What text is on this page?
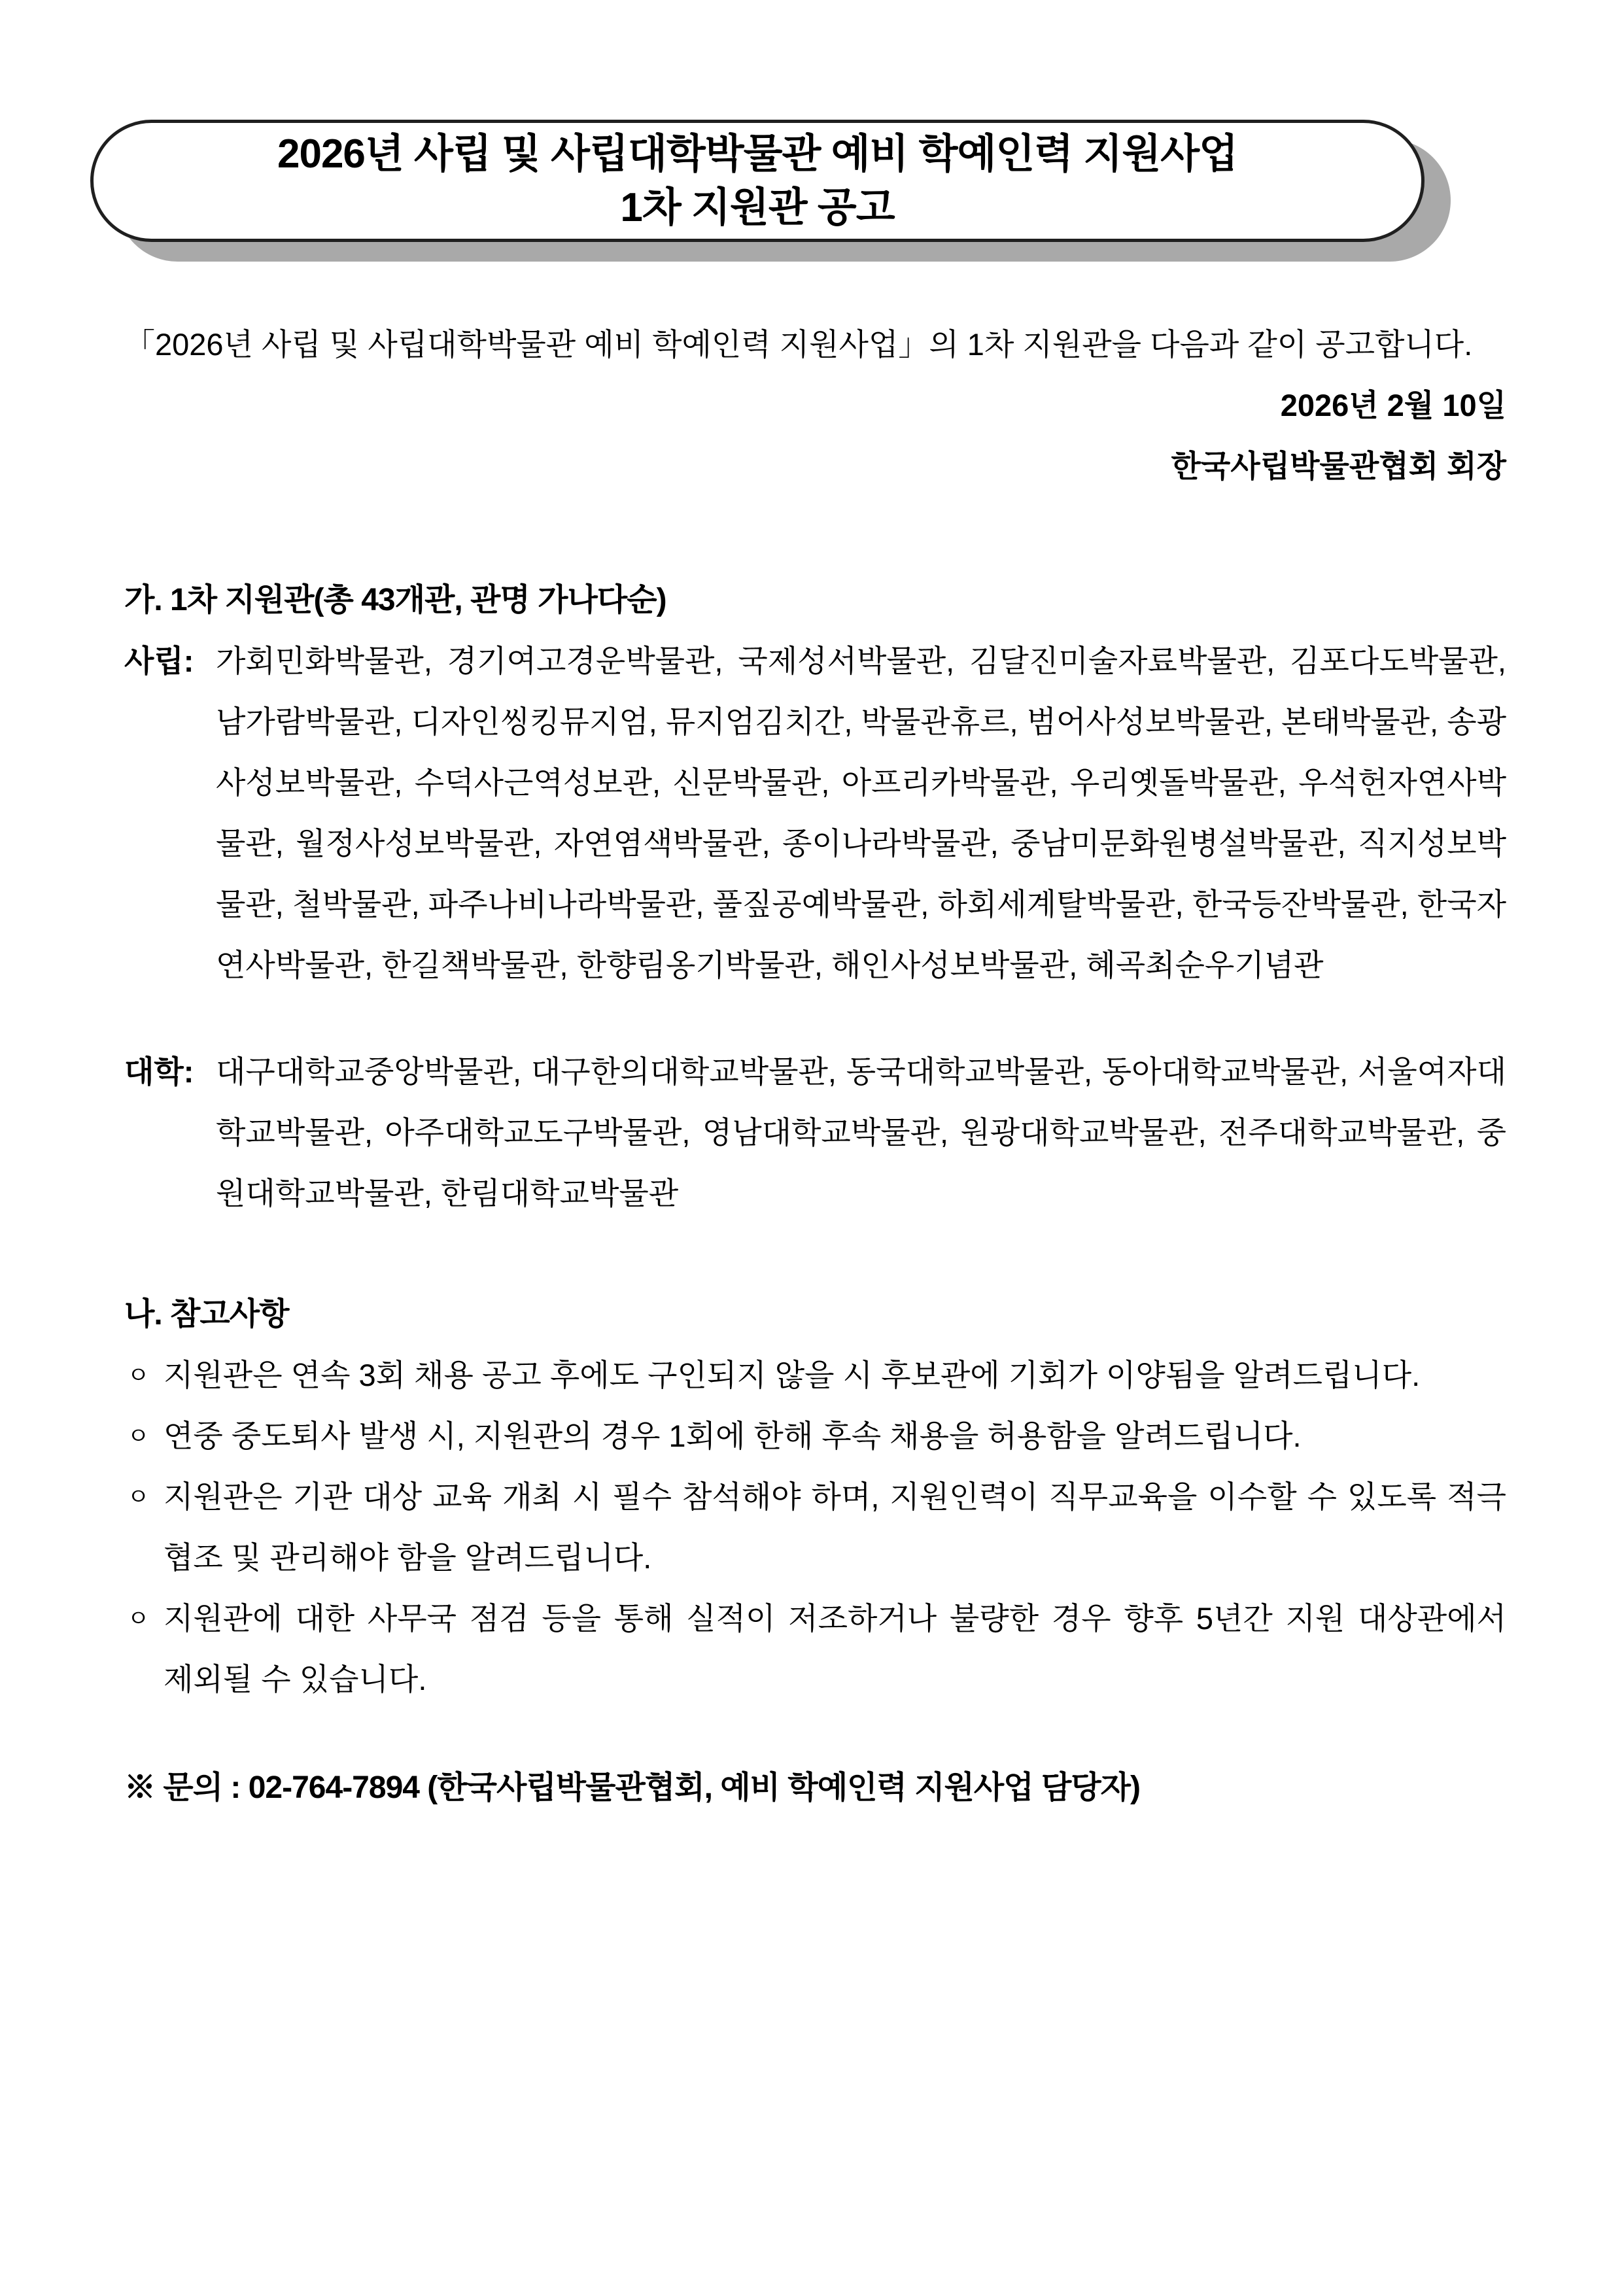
2026년 사립 및 사립대학박물관 예비 학예인력 지원사업
1차 지원관 공고

「2026년 사립 및 사립대학박물관 예비 학예인력 지원사업」의 1차 지원관을 다음과 같이 공고합니다.

2026년 2월 10일
한국사립박물관협회 회장
가. 1차 지원관(총 43개관, 관명 가나다순)
사립: 가회민화박물관, 경기여고경운박물관, 국제성서박물관, 김달진미술자료박물관, 김포다도박물관, 남가람박물관, 디자인씽킹뮤지엄, 뮤지엄김치간, 박물관휴르, 범어사성보박물관, 본태박물관, 송광사성보박물관, 수덕사근역성보관, 신문박물관, 아프리카박물관, 우리옛돌박물관, 우석헌자연사박물관, 월정사성보박물관, 자연염색박물관, 종이나라박물관, 중남미문화원병설박물관, 직지성보박물관, 철박물관, 파주나비나라박물관, 풀짚공예박물관, 하회세계탈박물관, 한국등잔박물관, 한국자연사박물관, 한길책박물관, 한향림옹기박물관, 해인사성보박물관, 혜곡최순우기념관
대학: 대구대학교중앙박물관, 대구한의대학교박물관, 동국대학교박물관, 동아대학교박물관, 서울여자대학교박물관, 아주대학교도구박물관, 영남대학교박물관, 원광대학교박물관, 전주대학교박물관, 중원대학교박물관, 한림대학교박물관
나. 참고사항
ㅇ 지원관은 연속 3회 채용 공고 후에도 구인되지 않을 시 후보관에 기회가 이양됨을 알려드립니다.
ㅇ 연중 중도퇴사 발생 시, 지원관의 경우 1회에 한해 후속 채용을 허용함을 알려드립니다.
ㅇ 지원관은 기관 대상 교육 개최 시 필수 참석해야 하며, 지원인력이 직무교육을 이수할 수 있도록 적극 협조 및 관리해야 함을 알려드립니다.
ㅇ 지원관에 대한 사무국 점검 등을 통해 실적이 저조하거나 불량한 경우 향후 5년간 지원 대상관에서 제외될 수 있습니다.
※ 문의 : 02-764-7894 (한국사립박물관협회, 예비 학예인력 지원사업 담당자)
